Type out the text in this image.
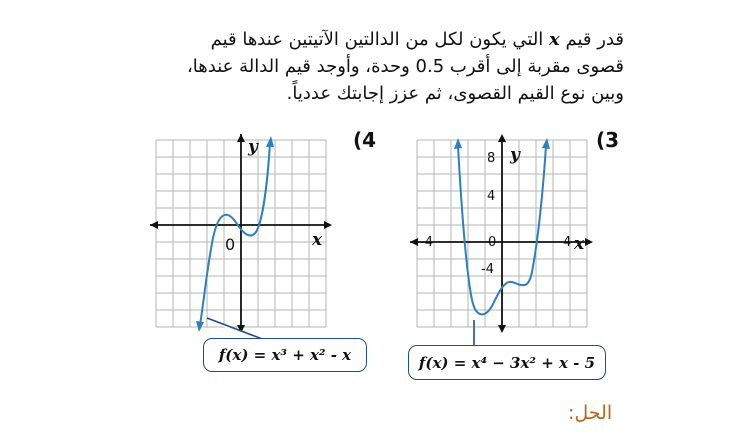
قدر قيم x التي يكون لكل من الدالتين الآتيتين عندها قيم
قصوى مقربة إلى أقرب 0.5 وحدة، وأوجد قيم الدالة عندها،
وبين نوع القيم القصوى، ثم عزز إجابتك عددياً.
(4	(3
y
x
0
f(x) = x³ + x² - x
y
x
8
4
0
-4
-4	4
f(x) = x⁴ − 3x² + x - 5
الحل:
